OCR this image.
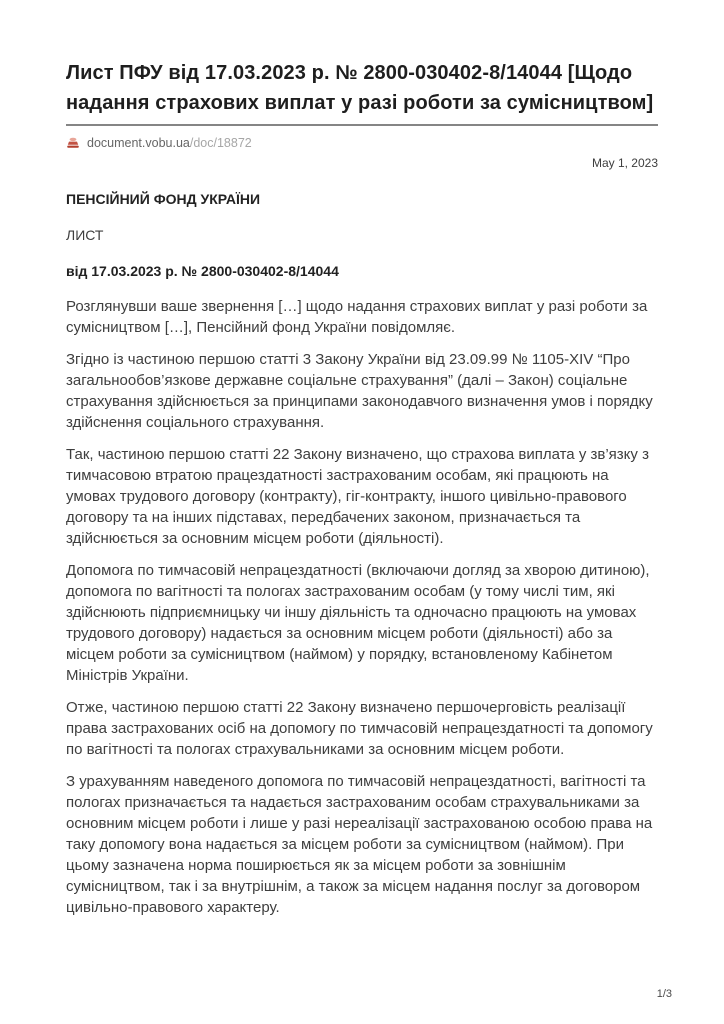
Лист ПФУ від 17.03.2023 р. № 2800-030402-8/14044 [Щодо надання страхових виплат у разі роботи за сумісництвом]
document.vobu.ua/doc/18872
May 1, 2023
ПЕНСІЙНИЙ ФОНД УКРАЇНИ
ЛИСТ
від 17.03.2023 р. № 2800-030402-8/14044

Розглянувши ваше звернення […] щодо надання страхових виплат у разі роботи за сумісництвом […], Пенсійний фонд України повідомляє.

Згідно із частиною першою статті 3 Закону України від 23.09.99 № 1105-XIV “Про загальнообов’язкове державне соціальне страхування” (далі – Закон) соціальне страхування здійснюється за принципами законодавчого визначення умов і порядку здійснення соціального страхування.

Так, частиною першою статті 22 Закону визначено, що страхова виплата у зв’язку з тимчасовою втратою працездатності застрахованим особам, які працюють на умовах трудового договору (контракту), гіг-контракту, іншого цивільно-правового договору та на інших підставах, передбачених законом, призначається та здійснюється за основним місцем роботи (діяльності).

Допомога по тимчасовій непрацездатності (включаючи догляд за хворою дитиною), допомога по вагітності та пологах застрахованим особам (у тому числі тим, які здійснюють підприємницьку чи іншу діяльність та одночасно працюють на умовах трудового договору) надається за основним місцем роботи (діяльності) або за місцем роботи за сумісництвом (наймом) у порядку, встановленому Кабінетом Міністрів України.

Отже, частиною першою статті 22 Закону визначено першочерговість реалізації права застрахованих осіб на допомогу по тимчасовій непрацездатності та допомогу по вагітності та пологах страхувальниками за основним місцем роботи.

З урахуванням наведеного допомога по тимчасовій непрацездатності, вагітності та пологах призначається та надається застрахованим особам страхувальниками за основним місцем роботи і лише у разі нереалізації застрахованою особою права на таку допомогу вона надається за місцем роботи за сумісництвом (наймом). При цьому зазначена норма поширюється як за місцем роботи за зовнішнім сумісництвом, так і за внутрішнім, а також за місцем надання послуг за договором цивільно-правового характеру.

1/3
